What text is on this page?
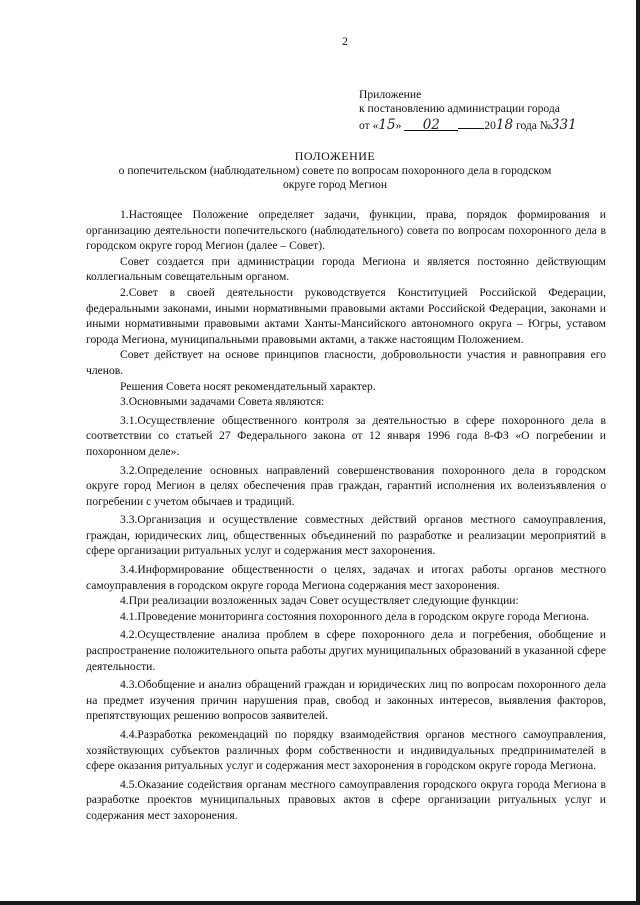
2
Приложение
к постановлению администрации города
от «15» 02	2018 года №331
ПОЛОЖЕНИЕ
о попечительском (наблюдательном) совете по вопросам похоронного дела в городском
округе город Мегион

1.Настоящее Положение определяет задачи, функции, права, порядок формирования и организацию деятельности попечительского (наблюдательного) совета по вопросам похоронного дела в городском округе город Мегион (далее – Совет).

Совет создается при администрации города Мегиона и является постоянно действующим коллегиальным совещательным органом.

2.Совет в своей деятельности руководствуется Конституцией Российской Федерации, федеральными законами, иными нормативными правовыми актами Российской Федерации, законами и иными нормативными правовыми актами Ханты-Мансийского автономного округа – Югры, уставом города Мегиона, муниципальными правовыми актами, а также настоящим Положением.

Совет действует на основе принципов гласности, добровольности участия и равноправия его членов.

Решения Совета носят рекомендательный характер.

3.Основными задачами Совета являются:

3.1.Осуществление общественного контроля за деятельностью в сфере похоронного дела в соответствии со статьей 27 Федерального закона от 12 января 1996 года 8-ФЗ «О погребении и похоронном деле».

3.2.Определение основных направлений совершенствования похоронного дела в городском округе город Мегион в целях обеспечения прав граждан, гарантий исполнения их волеизъявления о погребении с учетом обычаев и традиций.

3.3.Организация и осуществление совместных действий органов местного самоуправления, граждан, юридических лиц, общественных объединений по разработке и реализации мероприятий в сфере организации ритуальных услуг и содержания мест захоронения.

3.4.Информирование общественности о целях, задачах и итогах работы органов местного самоуправления в городском округе города Мегиона содержания мест захоронения.

4.При реализации возложенных задач Совет осуществляет следующие функции:

4.1.Проведение мониторинга состояния похоронного дела в городском округе города Мегиона.

4.2.Осуществление анализа проблем в сфере похоронного дела и погребения, обобщение и распространение положительного опыта работы других муниципальных образований в указанной сфере деятельности.

4.3.Обобщение и анализ обращений граждан и юридических лиц по вопросам похоронного дела на предмет изучения причин нарушения прав, свобод и законных интересов, выявления факторов, препятствующих решению вопросов заявителей.

4.4.Разработка рекомендаций по порядку взаимодействия органов местного самоуправления, хозяйствующих субъектов различных форм собственности и индивидуальных предпринимателей в сфере оказания ритуальных услуг и содержания мест захоронения в городском округе города Мегиона.

4.5.Оказание содействия органам местного самоуправления городского округа города Мегиона в разработке проектов муниципальных правовых актов в сфере организации ритуальных услуг и содержания мест захоронения.
